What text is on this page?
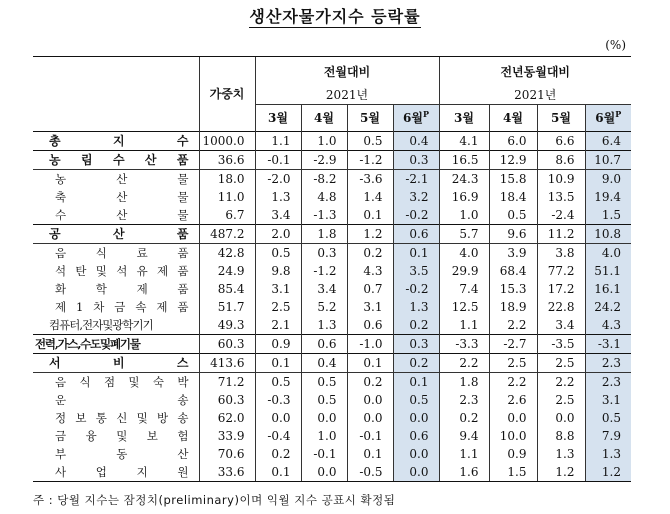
생산자물가지수 등락률
(%)
	가중치	전월대비				전년동월대비			
		2021년				2021년			
		3월	4월	5월	6월$^P$	3월	4월	5월	6월$^P$
총 지 수	1000.0	1.1	1.0	0.5	0.4	4.1	6.0	6.6	6.4
농 림 수 산 품	36.6	-0.1	-2.9	-1.2	0.3	16.5	12.9	8.6	10.7
농 산 물	18.0	-2.0	-8.2	-3.6	-2.1	24.3	15.8	10.9	9.0
축 산 물	11.0	1.3	4.8	1.4	3.2	16.9	18.4	13.5	19.4
수 산 물	6.7	3.4	-1.3	0.1	-0.2	1.0	0.5	-2.4	1.5
공 산 품	487.2	2.0	1.8	1.2	0.6	5.7	9.6	11.2	10.8
음 식 료 품	42.8	0.5	0.3	0.2	0.1	4.0	3.9	3.8	4.0
석 탄 및 석 유 제 품	24.9	9.8	-1.2	4.3	3.5	29.9	68.4	77.2	51.1
화 학 제 품	85.4	3.1	3.4	0.7	-0.2	7.4	15.3	17.2	16.1
제 1 차 금 속 제 품	51.7	2.5	5.2	3.1	1.3	12.5	18.9	22.8	24.2
컴퓨터,전자및광학기기	49.3	2.1	1.3	0.6	0.2	1.1	2.2	3.4	4.3
전력,가스,수도및폐기물	60.3	0.9	0.6	-1.0	0.3	-3.3	-2.7	-3.5	-3.1
서 비 스	413.6	0.1	0.4	0.1	0.2	2.2	2.5	2.5	2.3
음 식 점 및 숙 박	71.2	0.5	0.5	0.2	0.1	1.8	2.2	2.2	2.3
운 송	60.3	-0.3	0.5	0.0	0.5	2.3	2.6	2.5	3.1
정 보 통 신 및 방 송	62.0	0.0	0.0	0.0	0.0	0.2	0.0	0.0	0.5
금 융 및 보 험	33.9	-0.4	1.0	-0.1	0.6	9.4	10.0	8.8	7.9
부 동 산	70.6	0.2	-0.1	0.1	0.0	1.1	0.9	1.3	1.3
사 업 지 원	33.6	0.1	0.0	-0.5	0.0	1.6	1.5	1.2	1.2
주 : 당월 지수는 잠정치(preliminary)이며 익월 지수 공표시 확정됨
